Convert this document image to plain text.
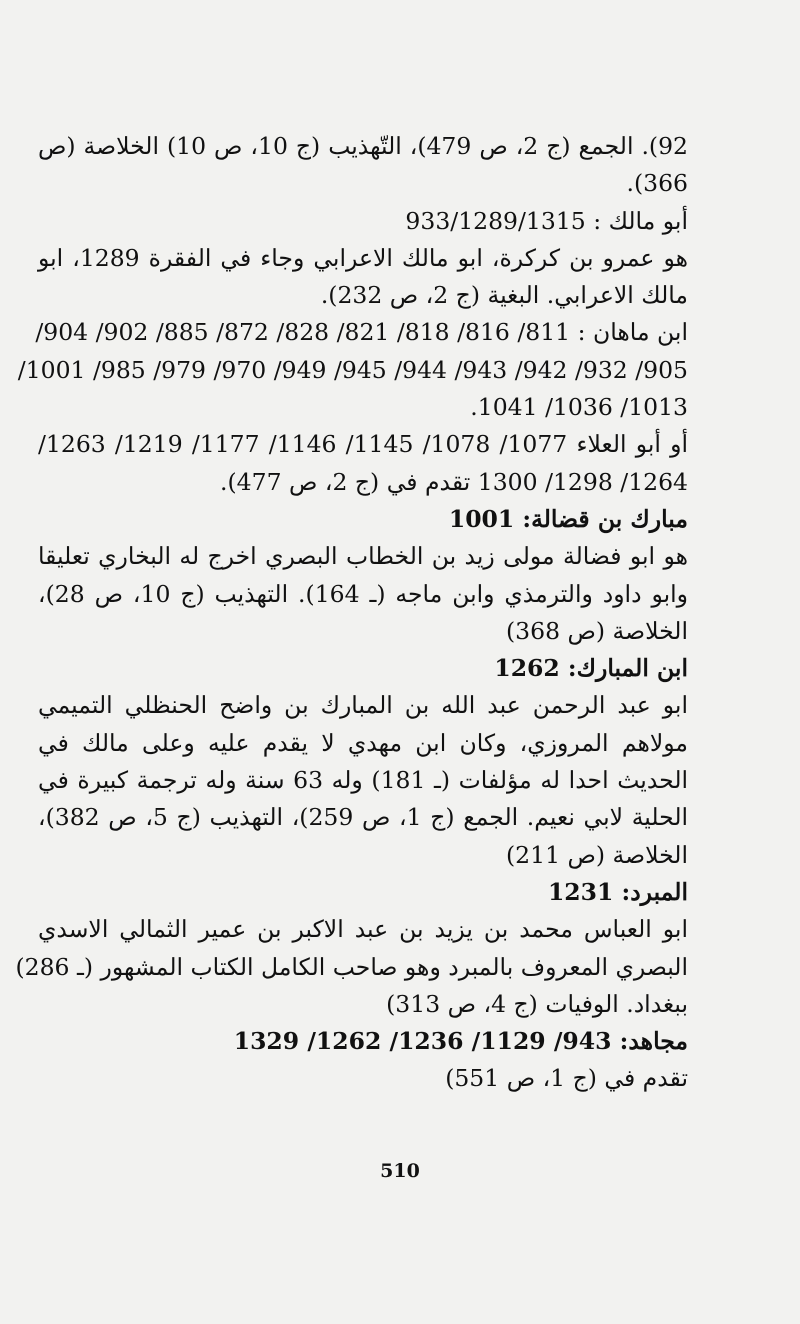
92). الجمع (ج 2، ص 479)، التّهذيب (ج 10، ص 10) الخلاصة (ص
366).
أبو مالك : 933/1289/1315
هو عمرو بن كركرة، ابو مالك الاعرابي وجاء في الفقرة 1289، ابو
مالك الاعرابي. البغية (ج 2، ص 232).
ابن ماهان : 811/ 816/ 818/ 821/ 828/ 872/ 885/ 902/ 904/
905/ 932/ 942/ 943/ 944/ 945/ 949/ 970/ 979/ 985/ 1001/
1013/ 1036/ 1041.
أو أبو العلاء 1077/ 1078/ 1145/ 1146/ 1177/ 1219/ 1263/
1264/ 1298/ 1300 تقدم في (ج 2، ص 477).
مبارك بن قضالة: 1001
هو ابو فضالة مولى زيد بن الخطاب البصري اخرج له البخاري تعليقا
وابو داود والترمذي وابن ماجه (ـ 164). التهذيب (ج 10، ص 28)،
الخلاصة (ص 368)
ابن المبارك: 1262
ابو عبد الرحمن عبد الله بن المبارك بن واضح الحنظلي التميمي
مولاهم المروزي، وكان ابن مهدي لا يقدم عليه وعلى مالك في
الحديث احدا له مؤلفات (ـ 181) وله 63 سنة وله ترجمة كبيرة في
الحلية لابي نعيم. الجمع (ج 1، ص 259)، التهذيب (ج 5، ص 382)،
الخلاصة (ص 211)
المبرد: 1231
ابو العباس محمد بن يزيد بن عبد الاكبر بن عمير الثمالي الاسدي
البصري المعروف بالمبرد وهو صاحب الكامل الكتاب المشهور (ـ 286)
ببغداد. الوفيات (ج 4، ص 313)
مجاهد: 943/ 1129/ 1236/ 1262/ 1329
تقدم في (ج 1، ص 551)
510
